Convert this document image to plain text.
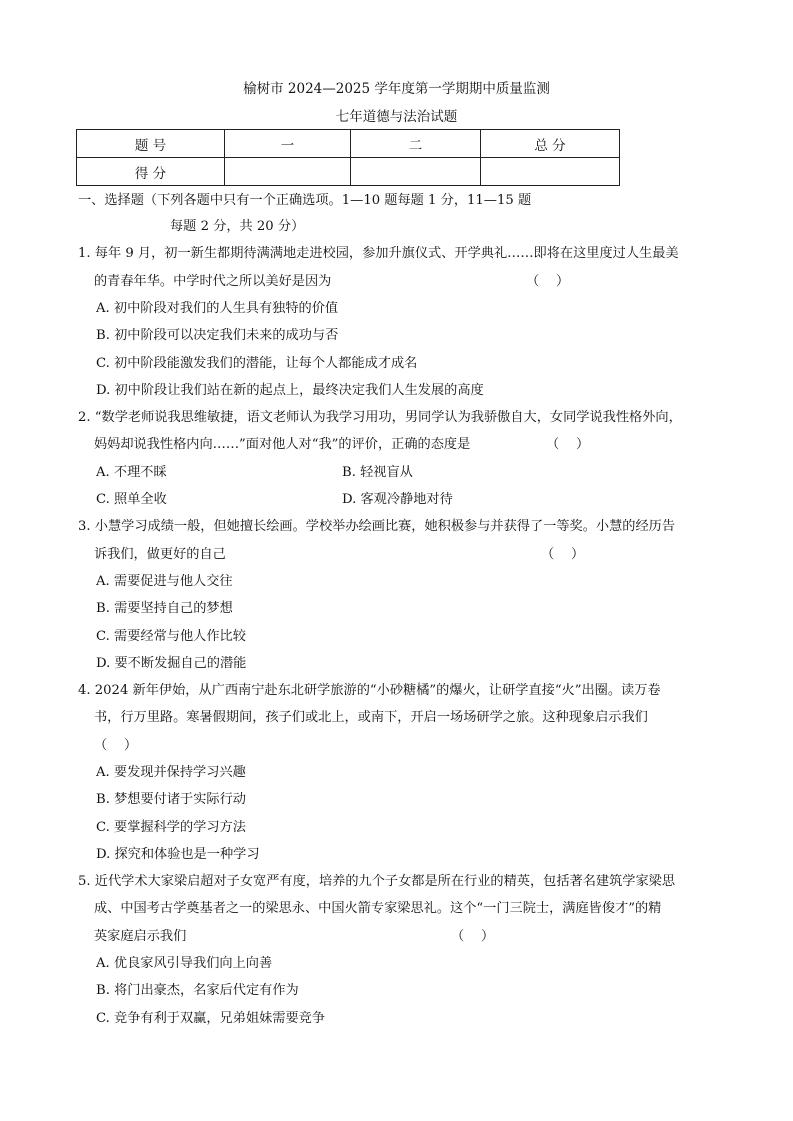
榆树市 2024—2025 学年度第一学期期中质量监测
七年道德与法治试题
题 号	一	二	总 分
得 分			
一、选择题（下列各题中只有一个正确选项。1—10 题每题 1 分，11—15 题
每题 2 分，共 20 分）
1. 每年 9 月，初一新生都期待满满地走进校园，参加升旗仪式、开学典礼……即将在这里度过人生最美
的青春年华。中学时代之所以美好是因为	（    ）
A. 初中阶段对我们的人生具有独特的价值
B. 初中阶段可以决定我们未来的成功与否
C. 初中阶段能激发我们的潜能，让每个人都能成才成名
D. 初中阶段让我们站在新的起点上，最终决定我们人生发展的高度
2. “数学老师说我思维敏捷，语文老师认为我学习用功，男同学认为我骄傲自大，女同学说我性格外向，
妈妈却说我性格内向……”面对他人对“我”的评价，正确的态度是	（    ）
A. 不理不睬	B. 轻视盲从
C. 照单全收	D. 客观冷静地对待
3. 小慧学习成绩一般，但她擅长绘画。学校举办绘画比赛，她积极参与并获得了一等奖。小慧的经历告
诉我们，做更好的自己	（    ）
A. 需要促进与他人交往
B. 需要坚持自己的梦想
C. 需要经常与他人作比较
D. 要不断发掘自己的潜能
4. 2024 新年伊始，从广西南宁赴东北研学旅游的“小砂糖橘”的爆火，让研学直接“火”出圈。读万卷
书，行万里路。寒暑假期间，孩子们或北上，或南下，开启一场场研学之旅。这种现象启示我们
（    ）
A. 要发现并保持学习兴趣
B. 梦想要付诸于实际行动
C. 要掌握科学的学习方法
D. 探究和体验也是一种学习
5. 近代学术大家梁启超对子女宽严有度，培养的九个子女都是所在行业的精英，包括著名建筑学家梁思
成、中国考古学奠基者之一的梁思永、中国火箭专家梁思礼。这个“一门三院士，满庭皆俊才”的精
英家庭启示我们	（    ）
A. 优良家风引导我们向上向善
B. 将门出豪杰，名家后代定有作为
C. 竞争有利于双赢，兄弟姐妹需要竞争
